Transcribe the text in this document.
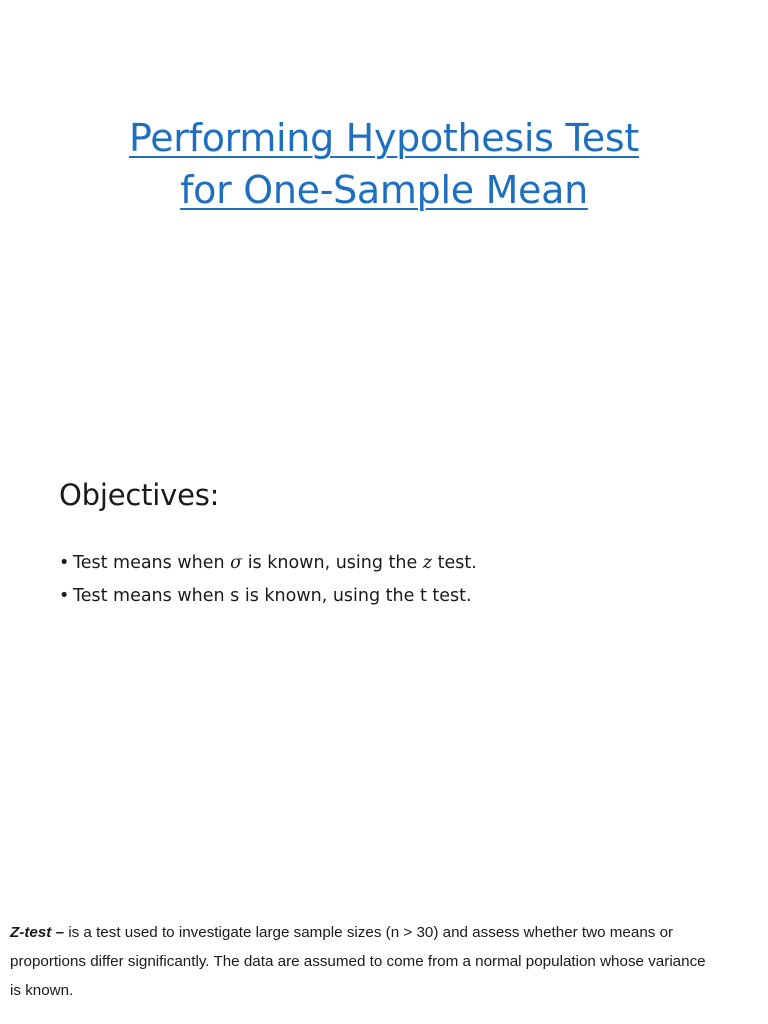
Performing Hypothesis Test
for One-Sample Mean
Objectives:
• Test means when σ is known, using the z test.
• Test means when s is known, using the t test.
Z-test – is a test used to investigate large sample sizes (n > 30) and assess whether two means or
proportions differ significantly. The data are assumed to come from a normal population whose variance
is known.
